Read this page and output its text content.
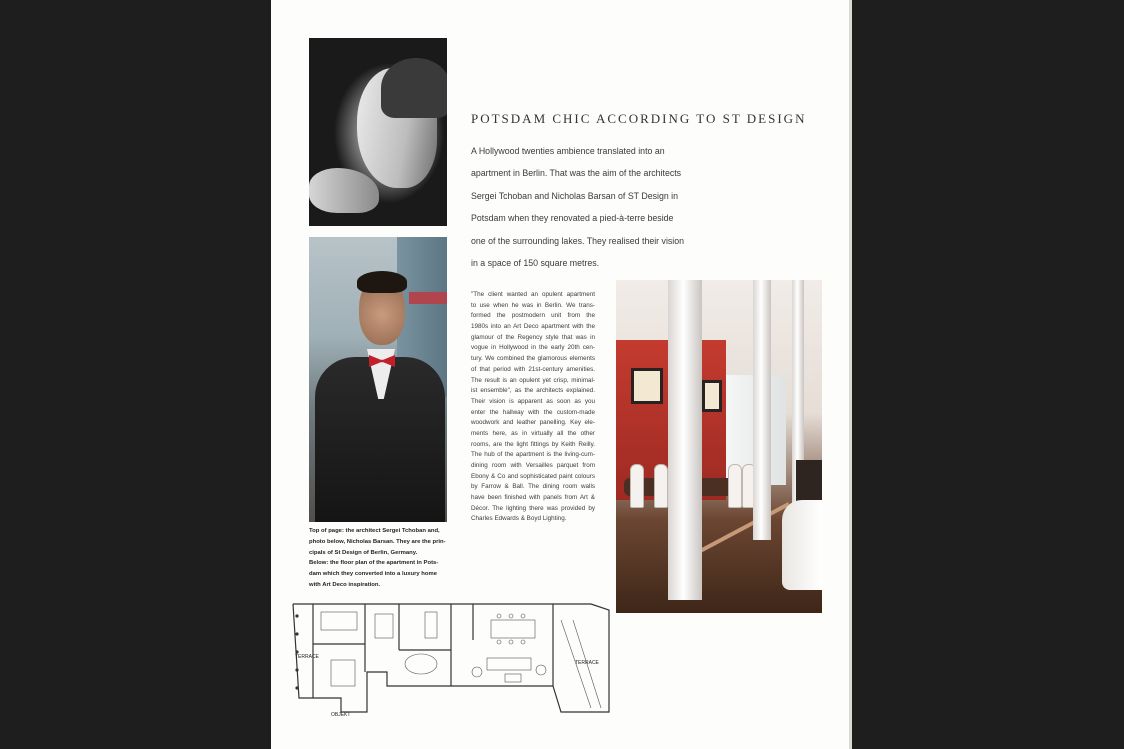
POTSDAM CHIC ACCORDING TO ST DESIGN
A Hollywood twenties ambience translated into an
apartment in Berlin. That was the aim of the architects
Sergei Tchoban and Nicholas Barsan of ST Design in
Potsdam when they renovated a pied-à-terre beside
one of the surrounding lakes. They realised their vision
in a space of 150 square metres.
"The client wanted an opulent apartment
to use when he was in Berlin. We trans-
formed the postmodern unit from the
1980s into an Art Deco apartment with the
glamour of the Regency style that was in
vogue in Hollywood in the early 20th cen-
tury. We combined the glamorous elements
of that period with 21st-century amenities.
The result is an opulent yet crisp, minimal-
ist ensemble", as the architects explained.
Their vision is apparent as soon as you
enter the hallway with the custom-made
woodwork and leather panelling. Key ele-
ments here, as in virtually all the other
rooms, are the light fittings by Keith Reilly.
The hub of the apartment is the living-cum-
dining room with Versailles parquet from
Ebony & Co and sophisticated paint colours
by Farrow & Ball. The dining room walls
have been finished with panels from Art &
Décor. The lighting there was provided by
Charles Edwards & Boyd Lighting.
Top of page: the architect Sergei Tchoban and,
photo below, Nicholas Barsan. They are the prin-
cipals of St Design of Berlin, Germany.
Below: the floor plan of the apartment in Pots-
dam which they converted into a luxury home
with Art Deco inspiration.
TERRACE
TERRACE
OBJEKT
